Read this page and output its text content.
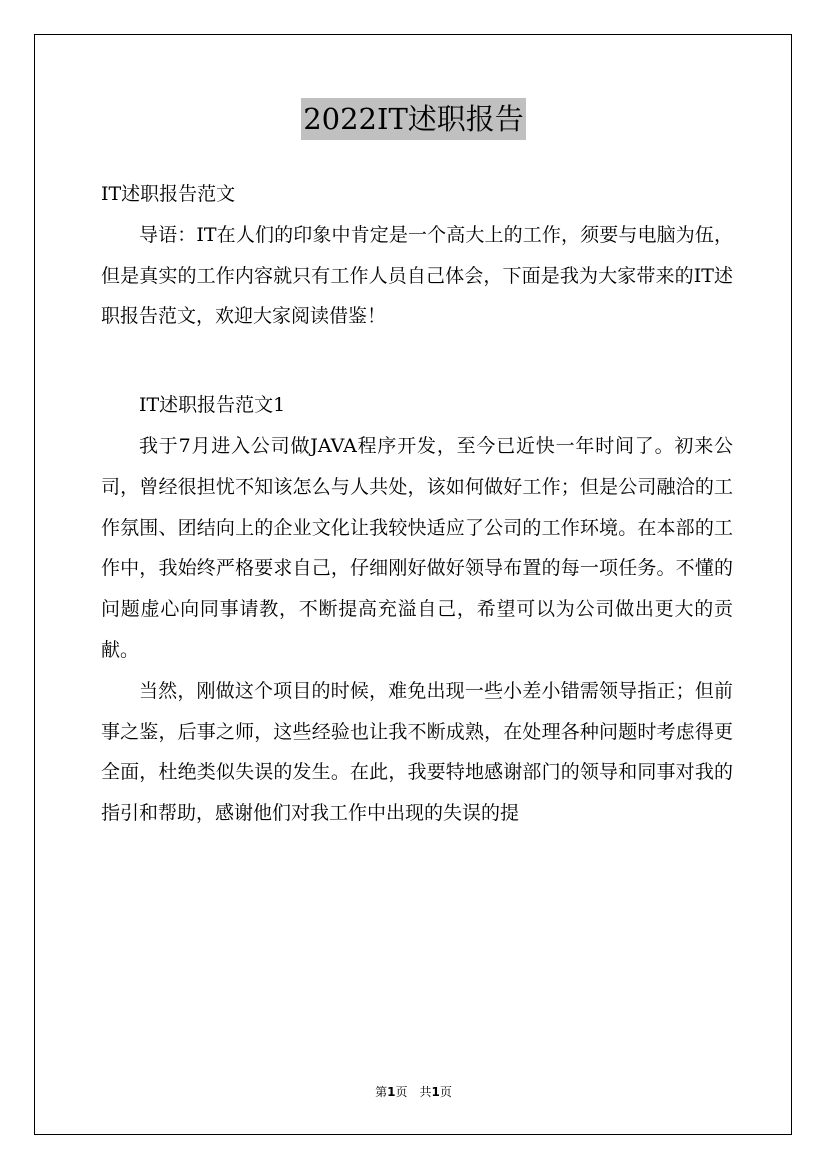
2022IT述职报告

IT述职报告范文

导语：IT在人们的印象中肯定是一个高大上的工作，须要与电脑为伍，但是真实的工作内容就只有工作人员自己体会，下面是我为大家带来的IT述职报告范文，欢迎大家阅读借鉴！

IT述职报告范文1

我于7月进入公司做JAVA程序开发，至今已近快一年时间了。初来公司，曾经很担忧不知该怎么与人共处，该如何做好工作；但是公司融洽的工作氛围、团结向上的企业文化让我较快适应了公司的工作环境。在本部的工作中，我始终严格要求自己，仔细刚好做好领导布置的每一项任务。不懂的问题虚心向同事请教，不断提高充溢自己，希望可以为公司做出更大的贡献。

当然，刚做这个项目的时候，难免出现一些小差小错需领导指正；但前事之鉴，后事之师，这些经验也让我不断成熟，在处理各种问题时考虑得更全面，杜绝类似失误的发生。在此，我要特地感谢部门的领导和同事对我的指引和帮助，感谢他们对我工作中出现的失误的提

第1页 共1页
